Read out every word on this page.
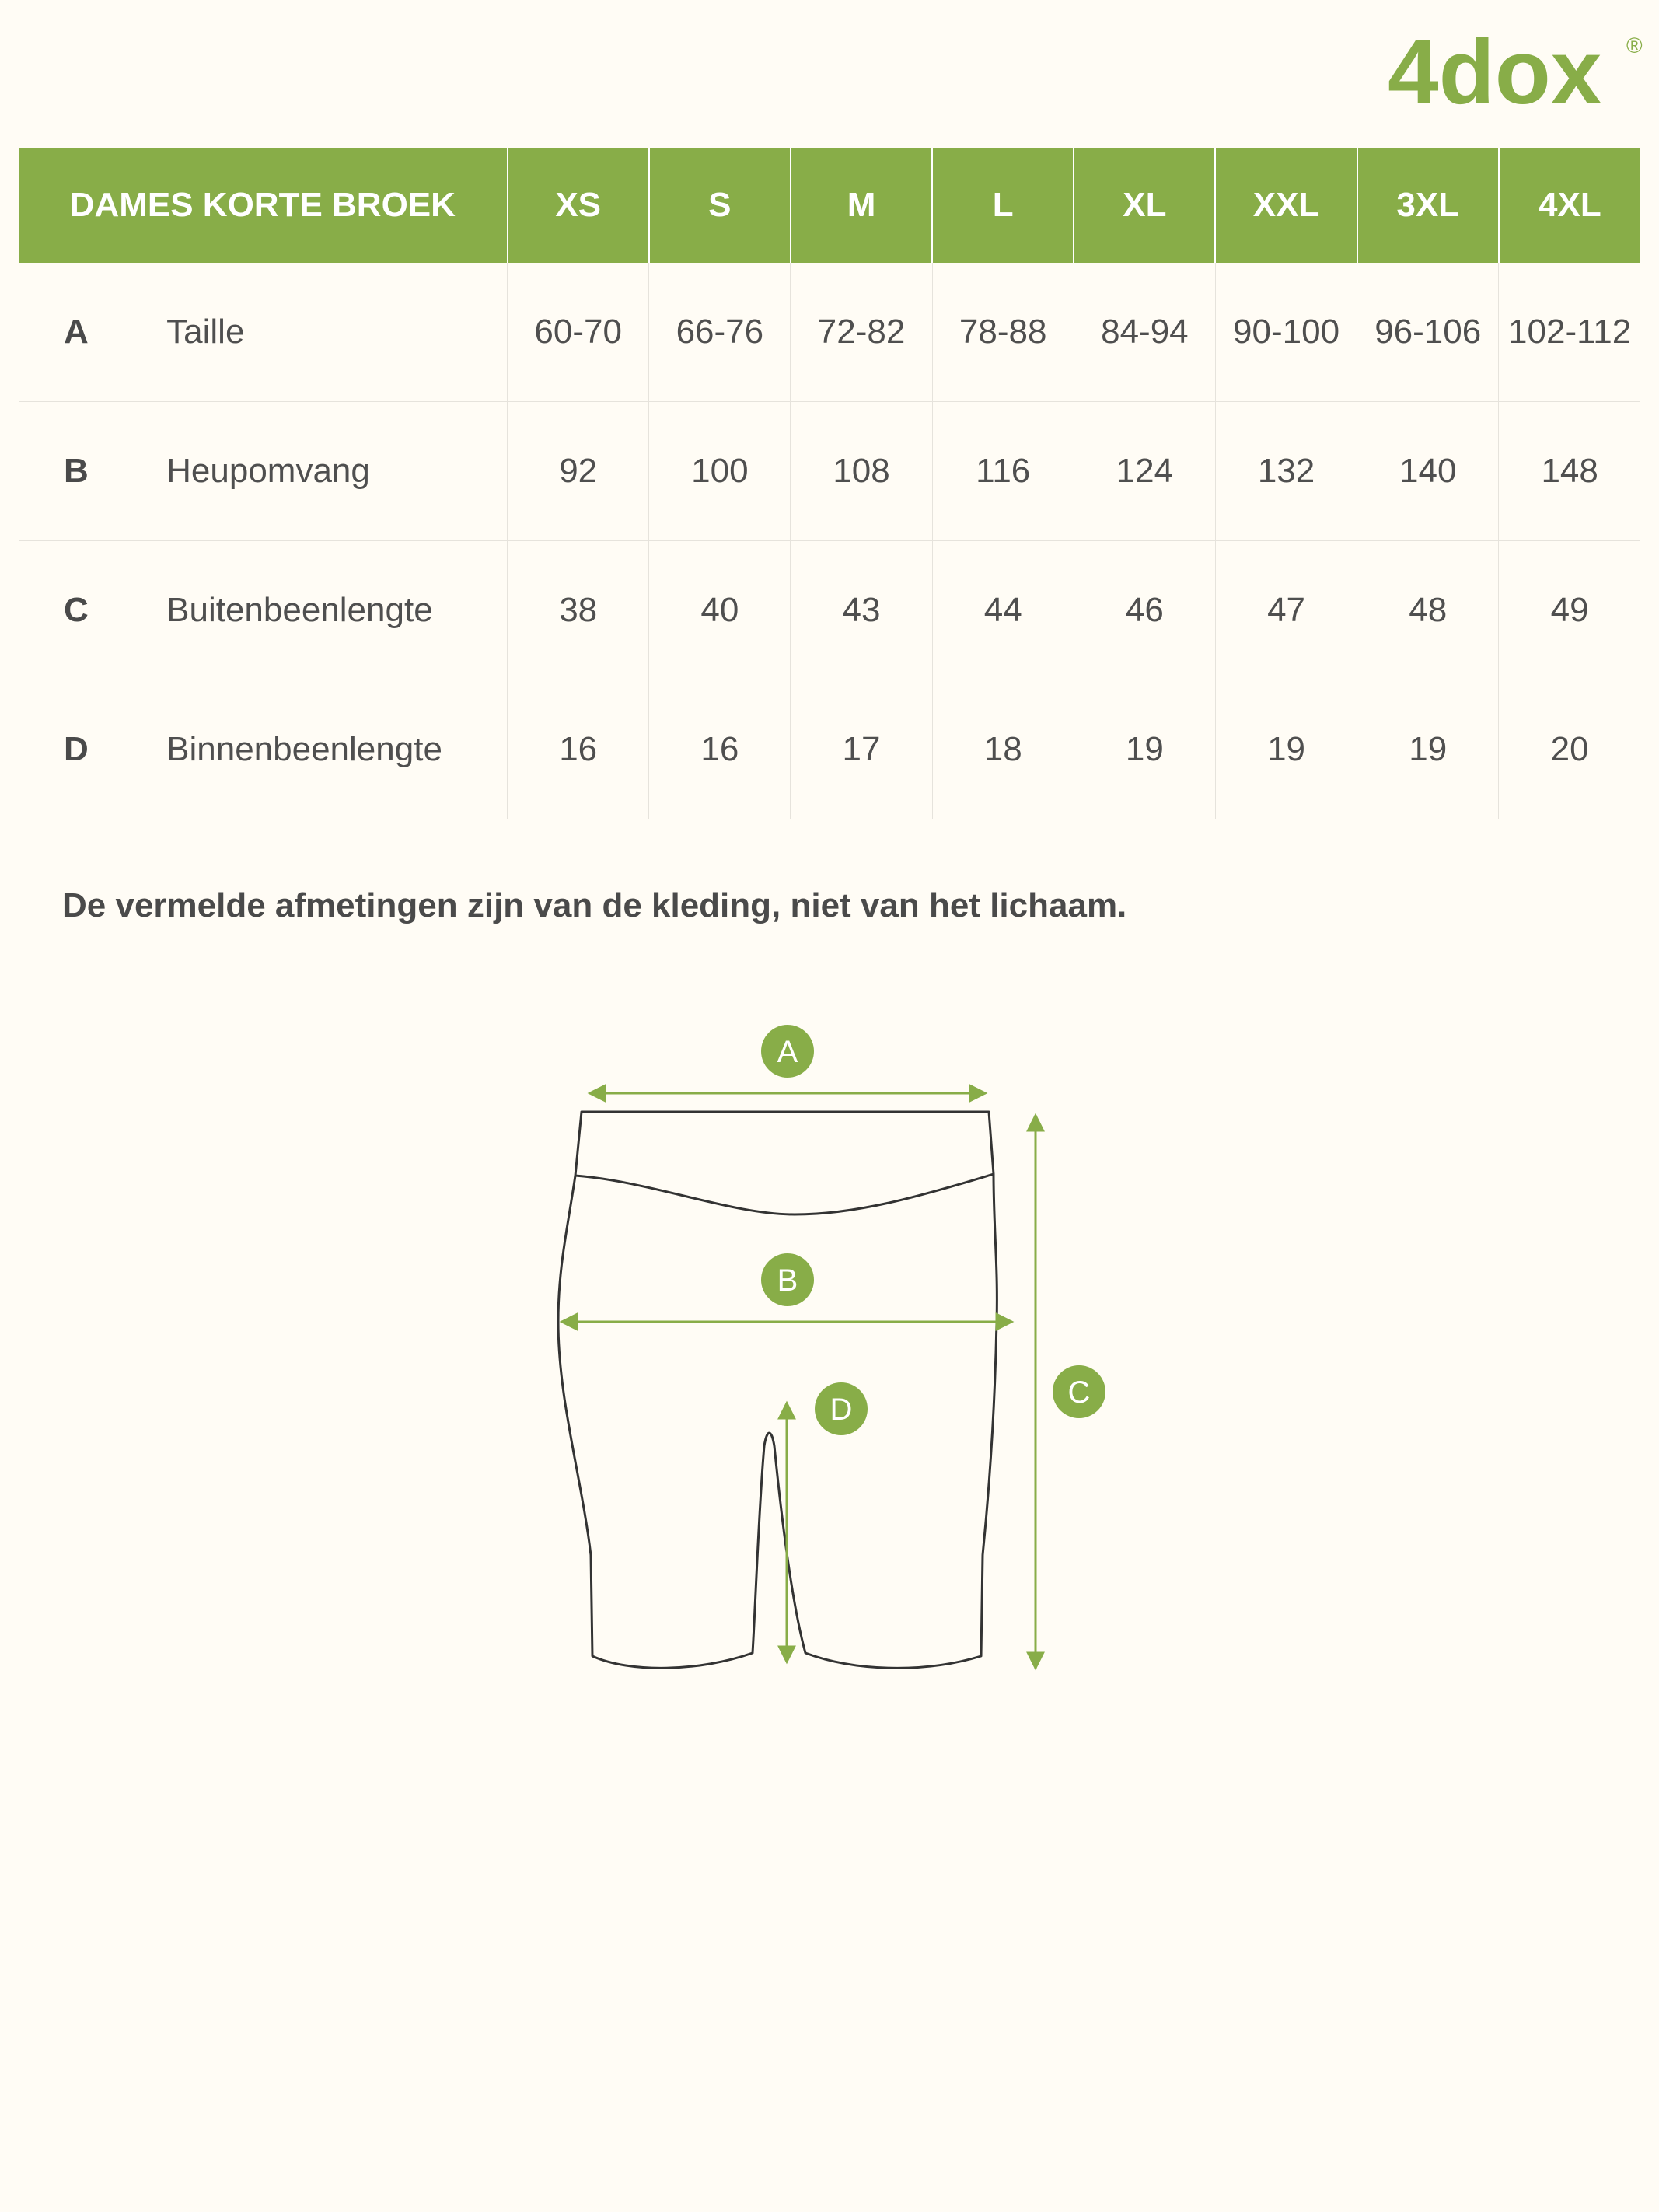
4dox ®
DAMES KORTE BROEK		XS	S	M	L	XL	XXL	3XL	4XL
A	Taille	60-70	66-76	72-82	78-88	84-94	90-100	96-106	102-112
B	Heupomvang	92	100	108	116	124	132	140	148
C	Buitenbeenlengte	38	40	43	44	46	47	48	49
D	Binnenbeenlengte	16	16	17	18	19	19	19	20
De vermelde afmetingen zijn van de kleding, niet van het lichaam.
A
B
C
D
